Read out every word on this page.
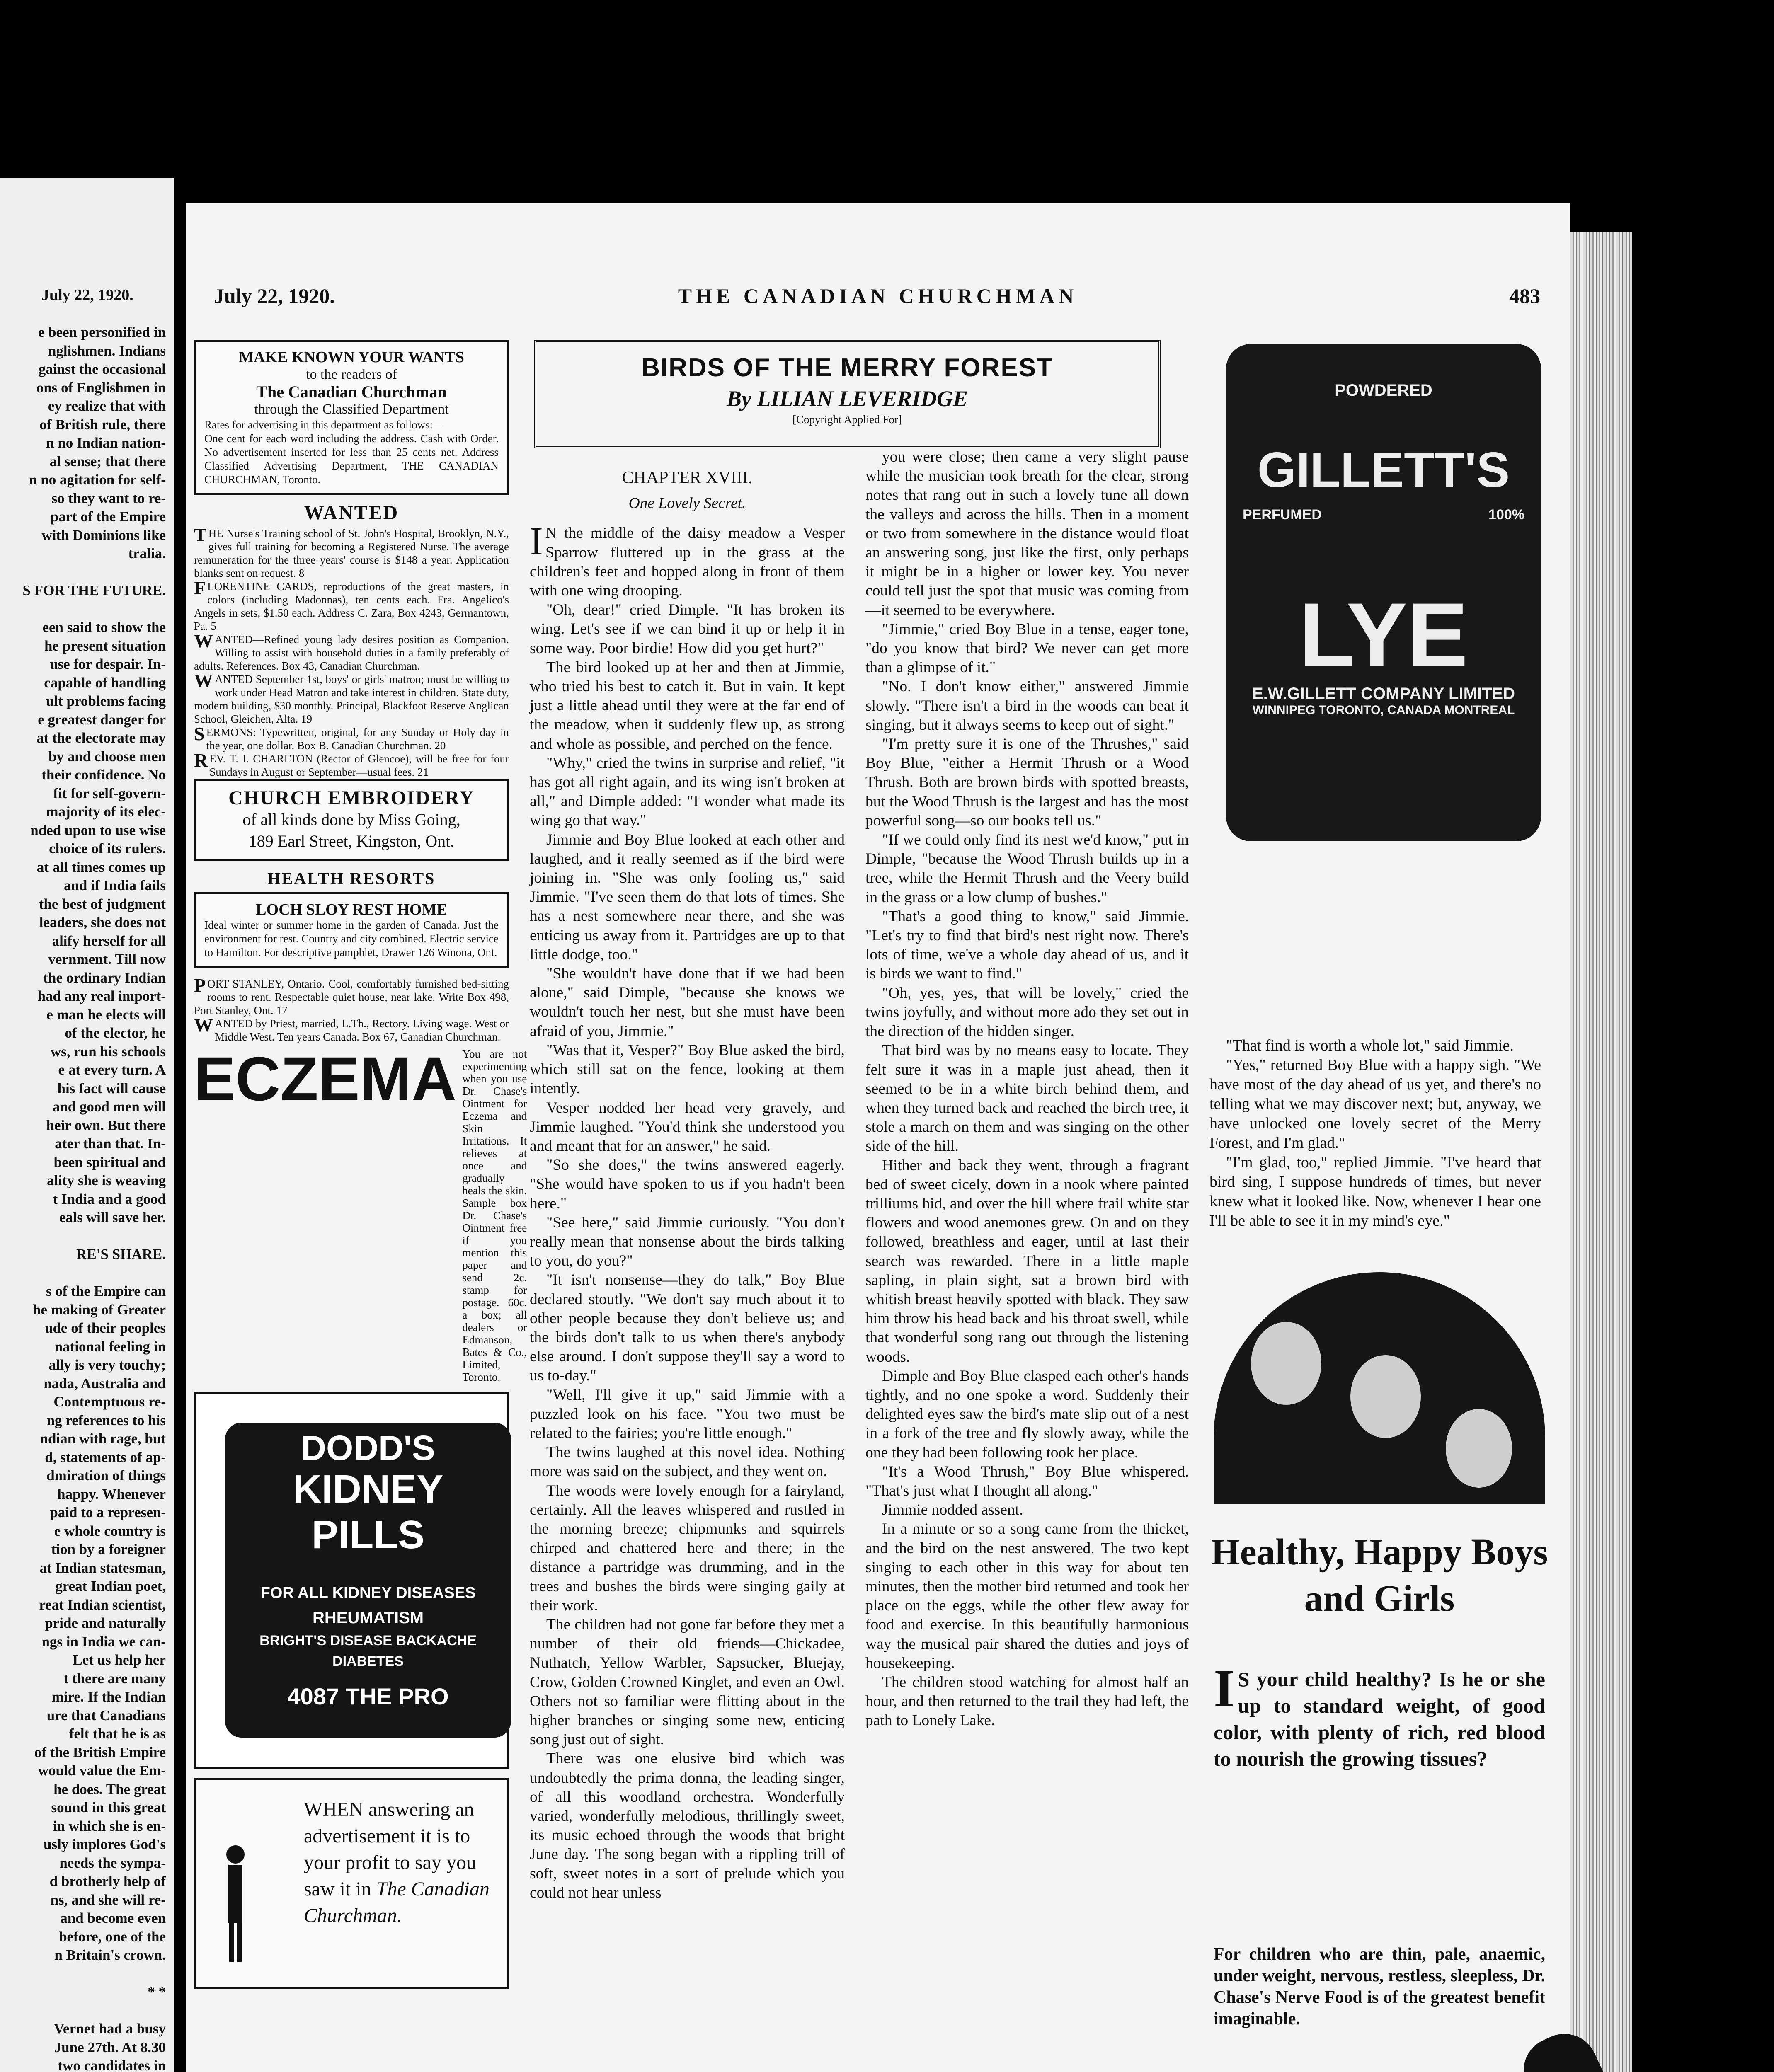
July 22, 1920.
e been personified in
nglishmen. Indians
gainst the occasional
ons of Englishmen in
ey realize that with
of British rule, there
n no Indian nation-
al sense; that there
n no agitation for self-
so they want to re-
part of the Empire
with Dominions like
tralia.
S FOR THE FUTURE.
een said to show the
he present situation
use for despair. In-
capable of handling
ult problems facing
e greatest danger for
at the electorate may
by and choose men
their confidence. No
fit for self-govern-
majority of its elec-
nded upon to use wise
choice of its rulers.
at all times comes up
and if India fails
the best of judgment
leaders, she does not
alify herself for all
vernment. Till now
the ordinary Indian
had any real import-
e man he elects will
of the elector, he
ws, run his schools
e at every turn. A
his fact will cause
and good men will
heir own. But there
ater than that. In-
been spiritual and
ality she is weaving
t India and a good
eals will save her.
RE'S SHARE.
s of the Empire can
he making of Greater
ude of their peoples
national feeling in
ally is very touchy;
nada, Australia and
Contemptuous re-
ng references to his
ndian with rage, but
d, statements of ap-
dmiration of things
happy. Whenever
paid to a represen-
e whole country is
tion by a foreigner
at Indian statesman,
great Indian poet,
reat Indian scientist,
pride and naturally
ngs in India we can-
Let us help her
t there are many
mire. If the Indian
ure that Canadians
felt that he is as
of the British Empire
would value the Em-
he does. The great
sound in this great
in which she is en-
usly implores God's
needs the sympa-
d brotherly help of
ns, and she will re-
and become even
before, one of the
n Britain's crown.
* *
Vernet had a busy
June 27th. At 8.30
two candidates in
July 22, 1920.	THE CANADIAN CHURCHMAN	483
MAKE KNOWN YOUR WANTS

to the readers of

The Canadian Churchman

through the Classified Department

Rates for advertising in this department as follows:—

One cent for each word including the address. Cash with Order. No advertisement inserted for less than 25 cents net. Address Classified Advertising Department, THE CANADIAN CHURCHMAN, Toronto.

WANTED

THE Nurse's Training school of St. John's Hospital, Brooklyn, N.Y., gives full training for becoming a Registered Nurse. The average remuneration for the three years' course is $148 a year. Application blanks sent on request. 8

FLORENTINE CARDS, reproductions of the great masters, in colors (including Madonnas), ten cents each. Fra. Angelico's Angels in sets, $1.50 each. Address C. Zara, Box 4243, Germantown, Pa. 5

WANTED—Refined young lady desires position as Companion. Willing to assist with household duties in a family preferably of adults. References. Box 43, Canadian Churchman.

WANTED September 1st, boys' or girls' matron; must be willing to work under Head Matron and take interest in children. State duty, modern building, $30 monthly. Principal, Blackfoot Reserve Anglican School, Gleichen, Alta. 19

SERMONS: Typewritten, original, for any Sunday or Holy day in the year, one dollar. Box B. Canadian Churchman. 20

REV. T. I. CHARLTON (Rector of Glencoe), will be free for four Sundays in August or September—usual fees. 21

CHURCH EMBROIDERY
of all kinds done by Miss Going,
189 Earl Street, Kingston, Ont.
HEALTH RESORTS
LOCH SLOY REST HOME
Ideal winter or summer home in the garden of Canada. Just the environment for rest. Country and city combined. Electric service to Hamilton. For descriptive pamphlet, Drawer 126 Winona, Ont.

PORT STANLEY, Ontario. Cool, comfortably furnished bed-sitting rooms to rent. Respectable quiet house, near lake. Write Box 498, Port Stanley, Ont. 17

WANTED by Priest, married, L.Th., Rectory. Living wage. West or Middle West. Ten years Canada. Box 67, Canadian Churchman.

ECZEMA You are not experimenting when you use Dr. Chase's Ointment for Eczema and Skin Irritations. It relieves at once and gradually heals the skin. Sample box Dr. Chase's Ointment free if you mention this paper and send 2c. stamp for postage. 60c. a box; all dealers or Edmanson, Bates & Co., Limited, Toronto.
DODD'S
KIDNEY
PILLS
FOR ALL KIDNEY DISEASES
RHEUMATISM
BRIGHT'S DISEASE BACKACHE
DIABETES
4087 THE PRO
WHEN answering an advertisement it is to your profit to say you saw it in The Canadian Churchman.
BIRDS OF THE MERRY FOREST
By LILIAN LEVERIDGE
[Copyright Applied For]

CHAPTER XVIII.

One Lovely Secret.

I N the middle of the daisy meadow a Vesper Sparrow fluttered up in the grass at the children's feet and hopped along in front of them with one wing drooping.

"Oh, dear!" cried Dimple. "It has broken its wing. Let's see if we can bind it up or help it in some way. Poor birdie! How did you get hurt?"

The bird looked up at her and then at Jimmie, who tried his best to catch it. But in vain. It kept just a little ahead until they were at the far end of the meadow, when it suddenly flew up, as strong and whole as possible, and perched on the fence.

"Why," cried the twins in surprise and relief, "it has got all right again, and its wing isn't broken at all," and Dimple added: "I wonder what made its wing go that way."

Jimmie and Boy Blue looked at each other and laughed, and it really seemed as if the bird were joining in. "She was only fooling us," said Jimmie. "I've seen them do that lots of times. She has a nest somewhere near there, and she was enticing us away from it. Partridges are up to that little dodge, too."

"She wouldn't have done that if we had been alone," said Dimple, "because she knows we wouldn't touch her nest, but she must have been afraid of you, Jimmie."

"Was that it, Vesper?" Boy Blue asked the bird, which still sat on the fence, looking at them intently.

Vesper nodded her head very gravely, and Jimmie laughed. "You'd think she understood you and meant that for an answer," he said.

"So she does," the twins answered eagerly. "She would have spoken to us if you hadn't been here."

"See here," said Jimmie curiously. "You don't really mean that nonsense about the birds talking to you, do you?"

"It isn't nonsense—they do talk," Boy Blue declared stoutly. "We don't say much about it to other people because they don't believe us; and the birds don't talk to us when there's anybody else around. I don't suppose they'll say a word to us to-day."

"Well, I'll give it up," said Jimmie with a puzzled look on his face. "You two must be related to the fairies; you're little enough."

The twins laughed at this novel idea. Nothing more was said on the subject, and they went on.

The woods were lovely enough for a fairyland, certainly. All the leaves whispered and rustled in the morning breeze; chipmunks and squirrels chirped and chattered here and there; in the distance a partridge was drumming, and in the trees and bushes the birds were singing gaily at their work.

The children had not gone far before they met a number of their old friends—Chickadee, Nuthatch, Yellow Warbler, Sapsucker, Bluejay, Crow, Golden Crowned Kinglet, and even an Owl. Others not so familiar were flitting about in the higher branches or singing some new, enticing song just out of sight.

There was one elusive bird which was undoubtedly the prima donna, the leading singer, of all this woodland orchestra. Wonderfully varied, wonderfully melodious, thrillingly sweet, its music echoed through the woods that bright June day. The song began with a rippling trill of soft, sweet notes in a sort of prelude which you could not hear unless

you were close; then came a very slight pause while the musician took breath for the clear, strong notes that rang out in such a lovely tune all down the valleys and across the hills. Then in a moment or two from somewhere in the distance would float an answering song, just like the first, only perhaps it might be in a higher or lower key. You never could tell just the spot that music was coming from—it seemed to be everywhere.

"Jimmie," cried Boy Blue in a tense, eager tone, "do you know that bird? We never can get more than a glimpse of it."

"No. I don't know either," answered Jimmie slowly. "There isn't a bird in the woods can beat it singing, but it always seems to keep out of sight."

"I'm pretty sure it is one of the Thrushes," said Boy Blue, "either a Hermit Thrush or a Wood Thrush. Both are brown birds with spotted breasts, but the Wood Thrush is the largest and has the most powerful song—so our books tell us."

"If we could only find its nest we'd know," put in Dimple, "because the Wood Thrush builds up in a tree, while the Hermit Thrush and the Veery build in the grass or a low clump of bushes."

"That's a good thing to know," said Jimmie. "Let's try to find that bird's nest right now. There's lots of time, we've a whole day ahead of us, and it is birds we want to find."

"Oh, yes, yes, that will be lovely," cried the twins joyfully, and without more ado they set out in the direction of the hidden singer.

That bird was by no means easy to locate. They felt sure it was in a maple just ahead, then it seemed to be in a white birch behind them, and when they turned back and reached the birch tree, it stole a march on them and was singing on the other side of the hill.

Hither and back they went, through a fragrant bed of sweet cicely, down in a nook where painted trilliums hid, and over the hill where frail white star flowers and wood anemones grew. On and on they followed, breathless and eager, until at last their search was rewarded. There in a little maple sapling, in plain sight, sat a brown bird with whitish breast heavily spotted with black. They saw him throw his head back and his throat swell, while that wonderful song rang out through the listening woods.

Dimple and Boy Blue clasped each other's hands tightly, and no one spoke a word. Suddenly their delighted eyes saw the bird's mate slip out of a nest in a fork of the tree and fly slowly away, while the one they had been following took her place.

"It's a Wood Thrush," Boy Blue whispered. "That's just what I thought all along."

Jimmie nodded assent.

In a minute or so a song came from the thicket, and the bird on the nest answered. The two kept singing to each other in this way for about ten minutes, then the mother bird returned and took her place on the eggs, while the other flew away for food and exercise. In this beautifully harmonious way the musical pair shared the duties and joys of housekeeping.

The children stood watching for almost half an hour, and then returned to the trail they had left, the path to Lonely Lake.

POWDERED
GILLETT'S
PERFUMED	100%
LYE
E.W.GILLETT COMPANY LIMITED
WINNIPEG TORONTO, CANADA MONTREAL

"That find is worth a whole lot," said Jimmie.

"Yes," returned Boy Blue with a happy sigh. "We have most of the day ahead of us yet, and there's no telling what we may discover next; but, anyway, we have unlocked one lovely secret of the Merry Forest, and I'm glad."

"I'm glad, too," replied Jimmie. "I've heard that bird sing, I suppose hundreds of times, but never knew what it looked like. Now, whenever I hear one I'll be able to see it in my mind's eye."

Healthy, Happy Boys and Girls
I S your child healthy? Is he or she up to standard weight, of good color, with plenty of rich, red blood to nourish the growing tissues?
For children who are thin, pale, anaemic, under weight, nervous, restless, sleepless, Dr. Chase's Nerve Food is of the greatest benefit imaginable.
